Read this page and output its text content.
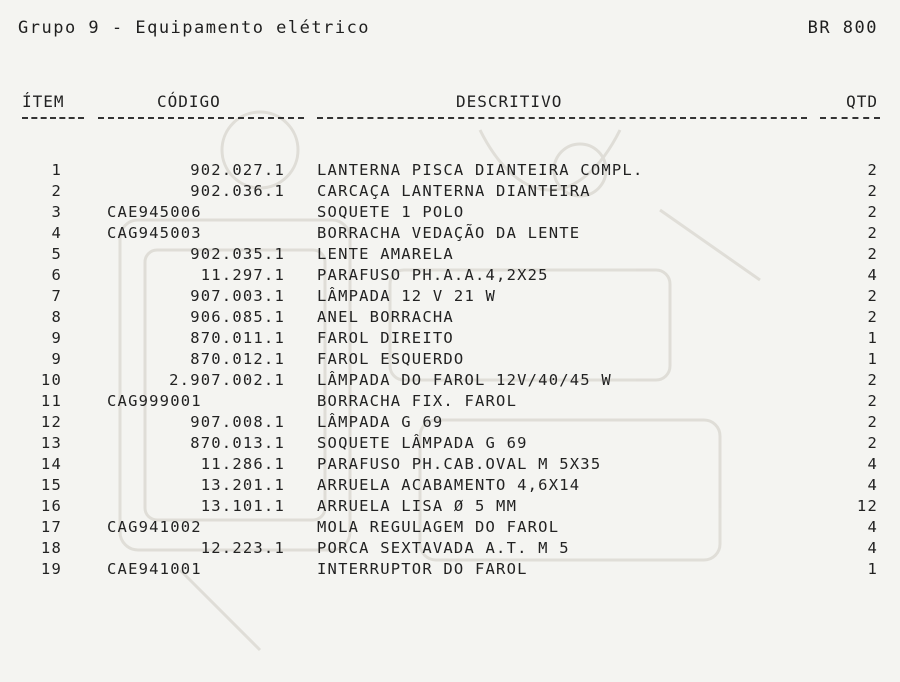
Grupo 9 - Equipamento elétrico	BR 800
ÍTEM	CÓDIGO	DESCRITIVO	QTD
1	902.027.1 LANTERNA PISCA DIANTEIRA COMPL.	2
2	902.036.1 CARCAÇA LANTERNA DIANTEIRA	2
3	CAE945006	SOQUETE 1 POLO	2
4	CAG945003	BORRACHA VEDAÇÃO DA LENTE	2
5	902.035.1 LENTE AMARELA	2
6	11.297.1 PARAFUSO PH.A.A.4,2X25	4
7	907.003.1 LÂMPADA 12 V 21 W	2
8	906.085.1 ANEL BORRACHA	2
9	870.011.1 FAROL DIREITO	1
9	870.012.1 FAROL ESQUERDO	1
10	2.907.002.1 LÂMPADA DO FAROL 12V/40/45 W	2
11	CAG999001	BORRACHA FIX. FAROL	2
12	907.008.1 LÂMPADA G 69	2
13	870.013.1 SOQUETE LÂMPADA G 69	2
14	11.286.1 PARAFUSO PH.CAB.OVAL M 5X35	4
15	13.201.1 ARRUELA ACABAMENTO 4,6X14	4
16	13.101.1 ARRUELA LISA Ø 5 MM	12
17	CAG941002	MOLA REGULAGEM DO FAROL	4
18	12.223.1 PORCA SEXTAVADA A.T. M 5	4
19	CAE941001	INTERRUPTOR DO FAROL	1
